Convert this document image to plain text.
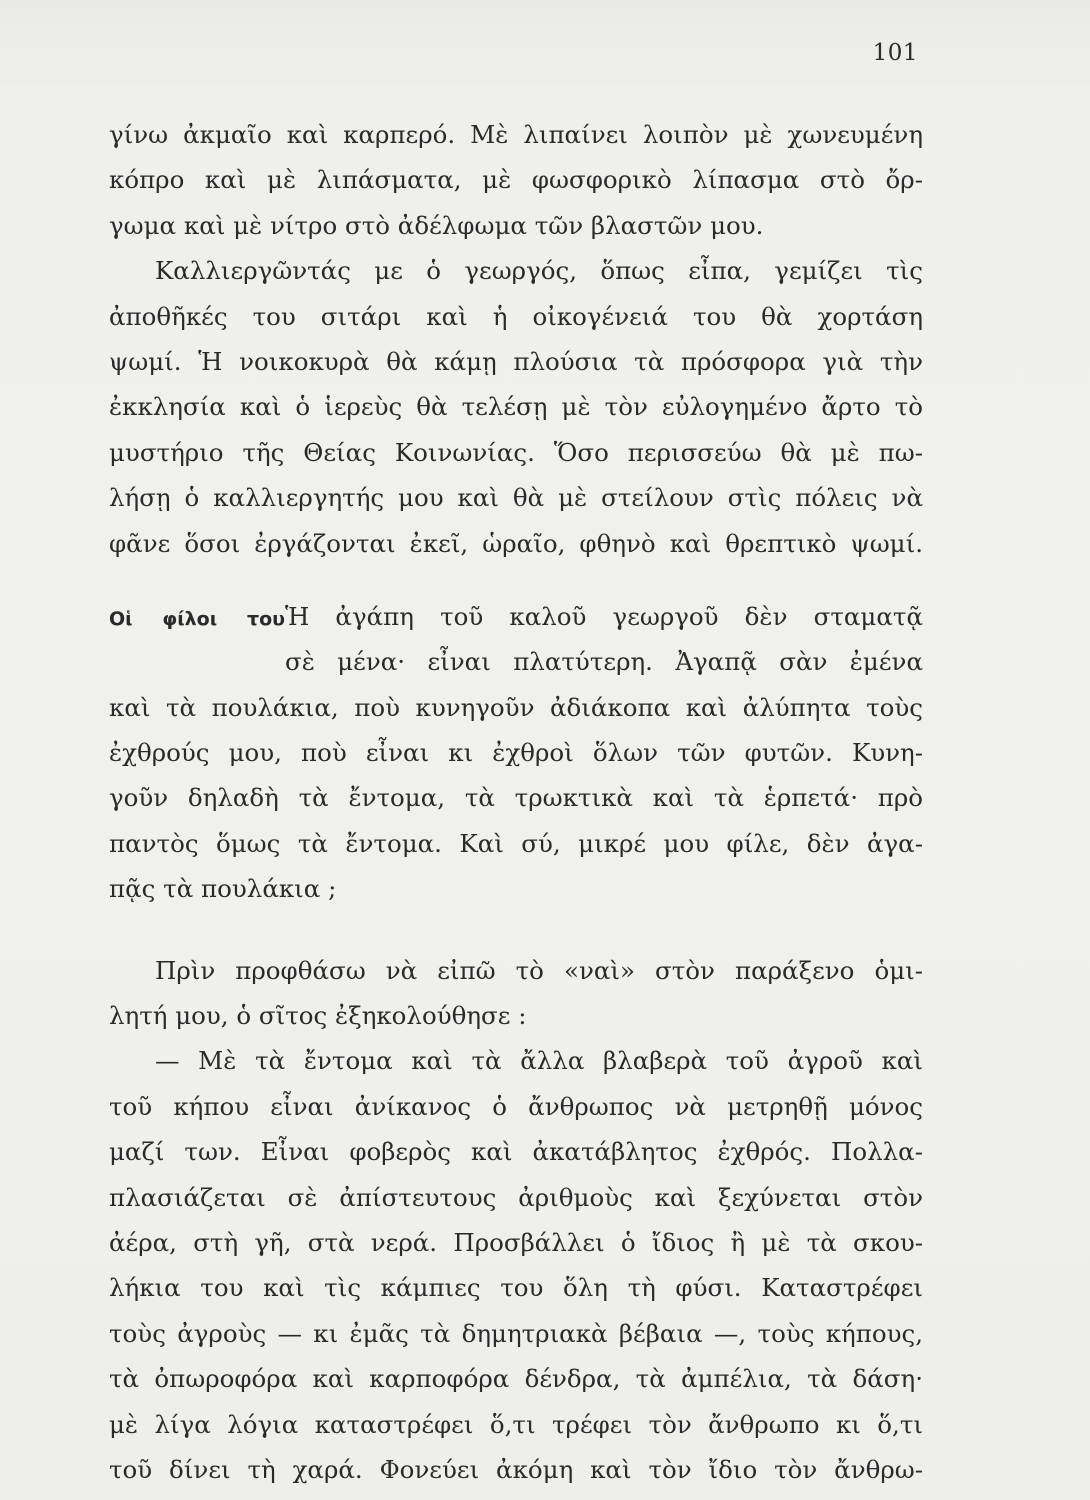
101
γίνω ἀκμαῖο καὶ καρπερό. Μὲ λιπαίνει λοιπὸν μὲ χωνευμένη
κόπρο καὶ μὲ λιπάσματα, μὲ φωσφορικὸ λίπασμα στὸ ὄρ-
γωμα καὶ μὲ νίτρο στὸ ἀδέλφωμα τῶν βλαστῶν μου.
Καλλιεργῶντάς με ὁ γεωργός, ὅπως εἶπα, γεμίζει τὶς
ἀποθῆκές του σιτάρι καὶ ἡ οἰκογένειά του θὰ χορτάση
ψωμί. Ἡ νοικοκυρὰ θὰ κάμῃ πλούσια τὰ πρόσφορα γιὰ τὴν
ἐκκλησία καὶ ὁ ἱερεὺς θὰ τελέσῃ μὲ τὸν εὐλογημένο ἄρτο τὸ
μυστήριο τῆς Θείας Κοινωνίας. Ὅσο περισσεύω θὰ μὲ πω-
λήσῃ ὁ καλλιεργητής μου καὶ θὰ μὲ στείλουν στὶς πόλεις νὰ
φᾶνε ὅσοι ἐργάζονται ἐκεῖ, ὡραῖο, φθηνὸ καὶ θρεπτικὸ ψωμί.
Οἱ φίλοι τουἩ ἀγάπη τοῦ καλοῦ γεωργοῦ δὲν σταματᾷ
σὲ μένα· εἶναι πλατύτερη. Ἀγαπᾷ σὰν ἐμένα
καὶ τὰ πουλάκια, ποὺ κυνηγοῦν ἀδιάκοπα καὶ ἀλύπητα τοὺς
ἐχθρούς μου, ποὺ εἶναι κι ἐχθροὶ ὅλων τῶν φυτῶν. Κυνη-
γοῦν δηλαδὴ τὰ ἔντομα, τὰ τρωκτικὰ καὶ τὰ ἑρπετά· πρὸ
παντὸς ὅμως τὰ ἔντομα. Καὶ σύ, μικρέ μου φίλε, δὲν ἀγα-
πᾷς τὰ πουλάκια ;
Πρὶν προφθάσω νὰ εἰπῶ τὸ «ναὶ» στὸν παράξενο ὁμι-
λητή μου, ὁ σῖτος ἐξηκολούθησε :
— Μὲ τὰ ἔντομα καὶ τὰ ἄλλα βλαβερὰ τοῦ ἀγροῦ καὶ
τοῦ κήπου εἶναι ἀνίκανος ὁ ἄνθρωπος νὰ μετρηθῇ μόνος
μαζί των. Εἶναι φοβερὸς καὶ ἀκατάβλητος ἐχθρός. Πολλα-
πλασιάζεται σὲ ἀπίστευτους ἀριθμοὺς καὶ ξεχύνεται στὸν
ἀέρα, στὴ γῆ, στὰ νερά. Προσβάλλει ὁ ἴδιος ἢ μὲ τὰ σκου-
λήκια του καὶ τὶς κάμπιες του ὅλη τὴ φύσι. Καταστρέφει
τοὺς ἀγροὺς — κι ἐμᾶς τὰ δημητριακὰ βέβαια —, τοὺς κήπους,
τὰ ὀπωροφόρα καὶ καρποφόρα δένδρα, τὰ ἀμπέλια, τὰ δάση·
μὲ λίγα λόγια καταστρέφει ὅ,τι τρέφει τὸν ἄνθρωπο κι ὅ,τι
τοῦ δίνει τὴ χαρά. Φονεύει ἀκόμη καὶ τὸν ἴδιο τὸν ἄνθρω-
